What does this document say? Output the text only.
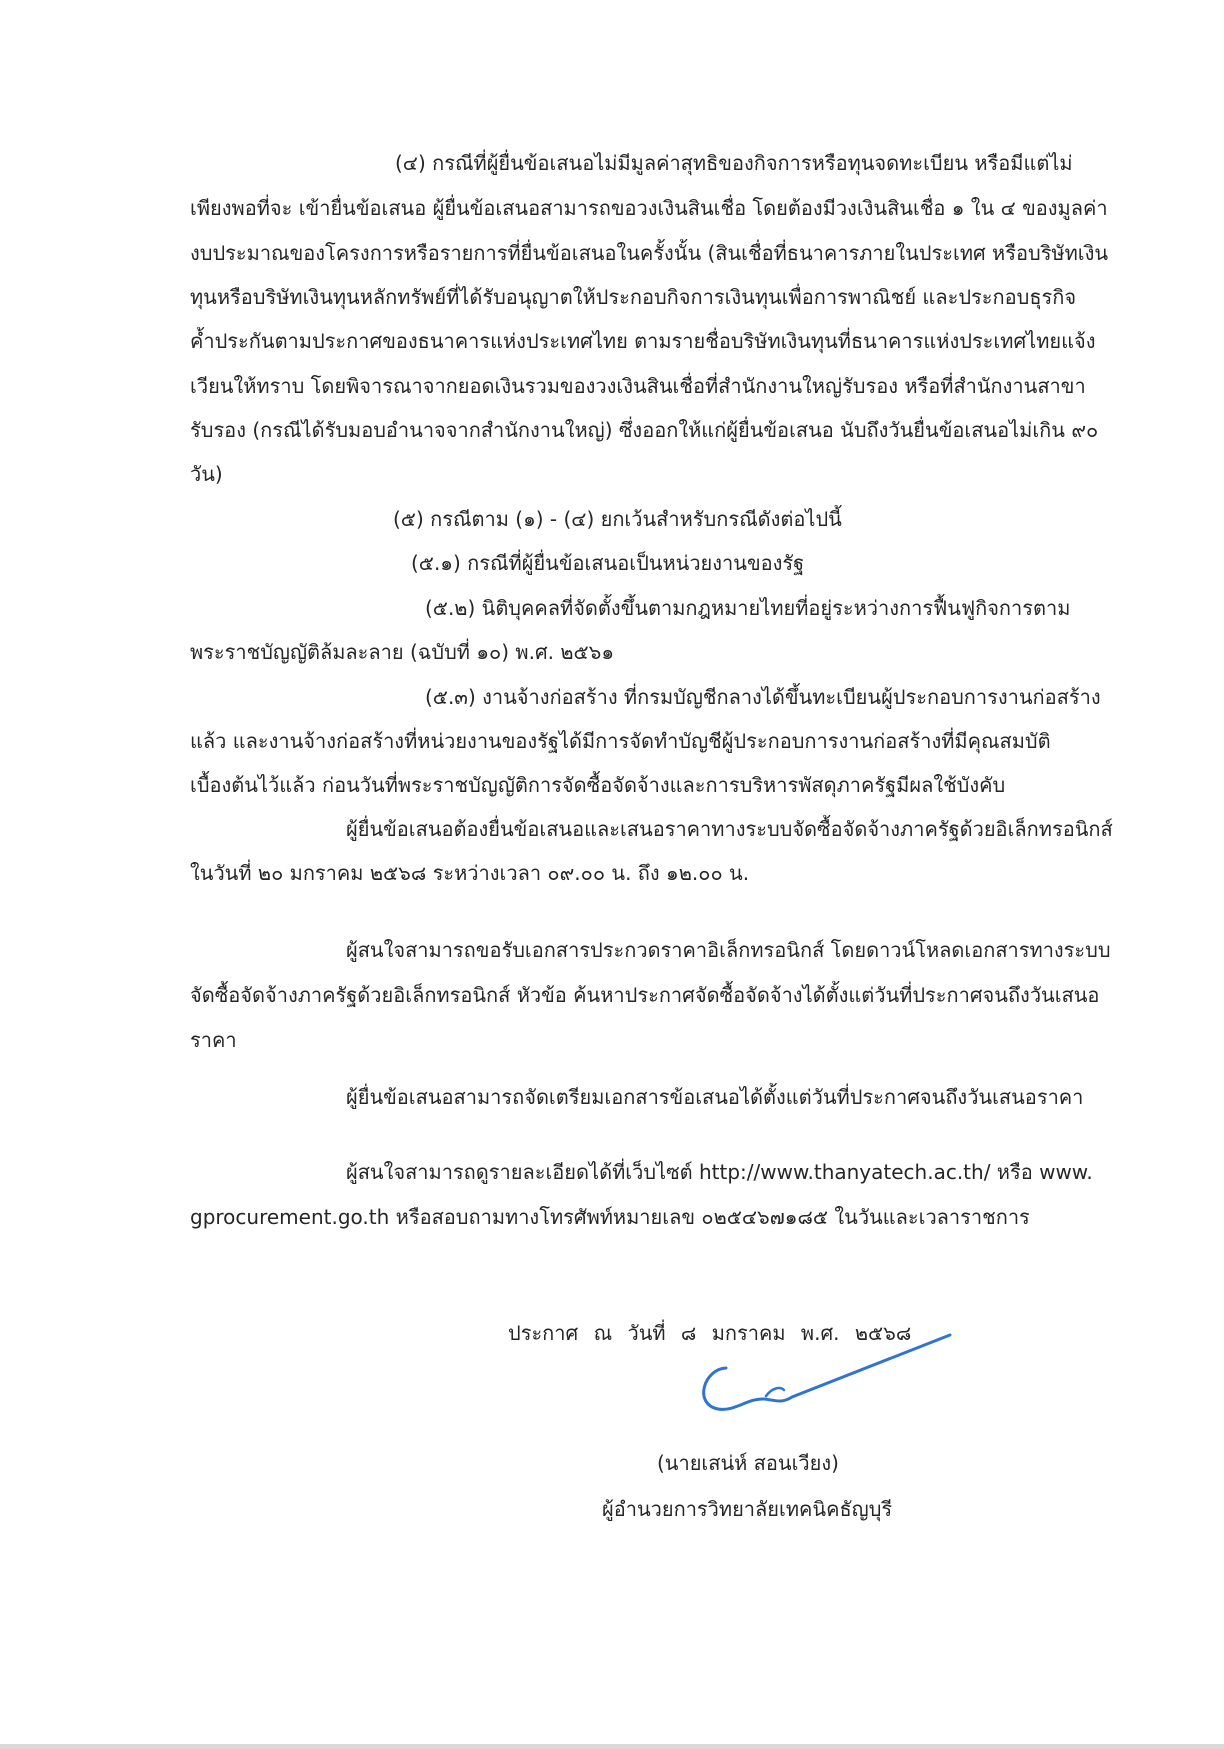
(๔) กรณีที่ผู้ยื่นข้อเสนอไม่มีมูลค่าสุทธิของกิจการหรือทุนจดทะเบียน หรือมีแต่ไม่
เพียงพอที่จะ เข้ายื่นข้อเสนอ ผู้ยื่นข้อเสนอสามารถขอวงเงินสินเชื่อ โดยต้องมีวงเงินสินเชื่อ ๑ ใน ๔ ของมูลค่า
งบประมาณของโครงการหรือรายการที่ยื่นข้อเสนอในครั้งนั้น (สินเชื่อที่ธนาคารภายในประเทศ หรือบริษัทเงิน
ทุนหรือบริษัทเงินทุนหลักทรัพย์ที่ได้รับอนุญาตให้ประกอบกิจการเงินทุนเพื่อการพาณิชย์ และประกอบธุรกิจ
ค้ำประกันตามประกาศของธนาคารแห่งประเทศไทย ตามรายชื่อบริษัทเงินทุนที่ธนาคารแห่งประเทศไทยแจ้ง
เวียนให้ทราบ โดยพิจารณาจากยอดเงินรวมของวงเงินสินเชื่อที่สำนักงานใหญ่รับรอง หรือที่สำนักงานสาขา
รับรอง (กรณีได้รับมอบอำนาจจากสำนักงานใหญ่) ซึ่งออกให้แก่ผู้ยื่นข้อเสนอ นับถึงวันยื่นข้อเสนอไม่เกิน ๙๐
วัน)
(๕) กรณีตาม (๑) - (๔) ยกเว้นสำหรับกรณีดังต่อไปนี้
(๕.๑) กรณีที่ผู้ยื่นข้อเสนอเป็นหน่วยงานของรัฐ
(๕.๒) นิติบุคคลที่จัดตั้งขึ้นตามกฎหมายไทยที่อยู่ระหว่างการฟื้นฟูกิจการตาม
พระราชบัญญัติล้มละลาย (ฉบับที่ ๑๐) พ.ศ. ๒๕๖๑
(๕.๓) งานจ้างก่อสร้าง ที่กรมบัญชีกลางได้ขึ้นทะเบียนผู้ประกอบการงานก่อสร้าง
แล้ว และงานจ้างก่อสร้างที่หน่วยงานของรัฐได้มีการจัดทำบัญชีผู้ประกอบการงานก่อสร้างที่มีคุณสมบัติ
เบื้องต้นไว้แล้ว ก่อนวันที่พระราชบัญญัติการจัดซื้อจัดจ้างและการบริหารพัสดุภาครัฐมีผลใช้บังคับ
ผู้ยื่นข้อเสนอต้องยื่นข้อเสนอและเสนอราคาทางระบบจัดซื้อจัดจ้างภาครัฐด้วยอิเล็กทรอนิกส์
ในวันที่ ๒๐ มกราคม ๒๕๖๘ ระหว่างเวลา ๐๙.๐๐ น. ถึง ๑๒.๐๐ น.
ผู้สนใจสามารถขอรับเอกสารประกวดราคาอิเล็กทรอนิกส์ โดยดาวน์โหลดเอกสารทางระบบ
จัดซื้อจัดจ้างภาครัฐด้วยอิเล็กทรอนิกส์ หัวข้อ ค้นหาประกาศจัดซื้อจัดจ้างได้ตั้งแต่วันที่ประกาศจนถึงวันเสนอ
ราคา
ผู้ยื่นข้อเสนอสามารถจัดเตรียมเอกสารข้อเสนอได้ตั้งแต่วันที่ประกาศจนถึงวันเสนอราคา
ผู้สนใจสามารถดูรายละเอียดได้ที่เว็บไซต์ http://www.thanyatech.ac.th/ หรือ www.
gprocurement.go.th หรือสอบถามทางโทรศัพท์หมายเลข ๐๒๕๔๖๗๑๘๕ ในวันและเวลาราชการ
ประกาศ ณ วันที่ ๘ มกราคม พ.ศ. ๒๕๖๘
(นายเสน่ห์ สอนเวียง)
ผู้อำนวยการวิทยาลัยเทคนิคธัญบุรี
